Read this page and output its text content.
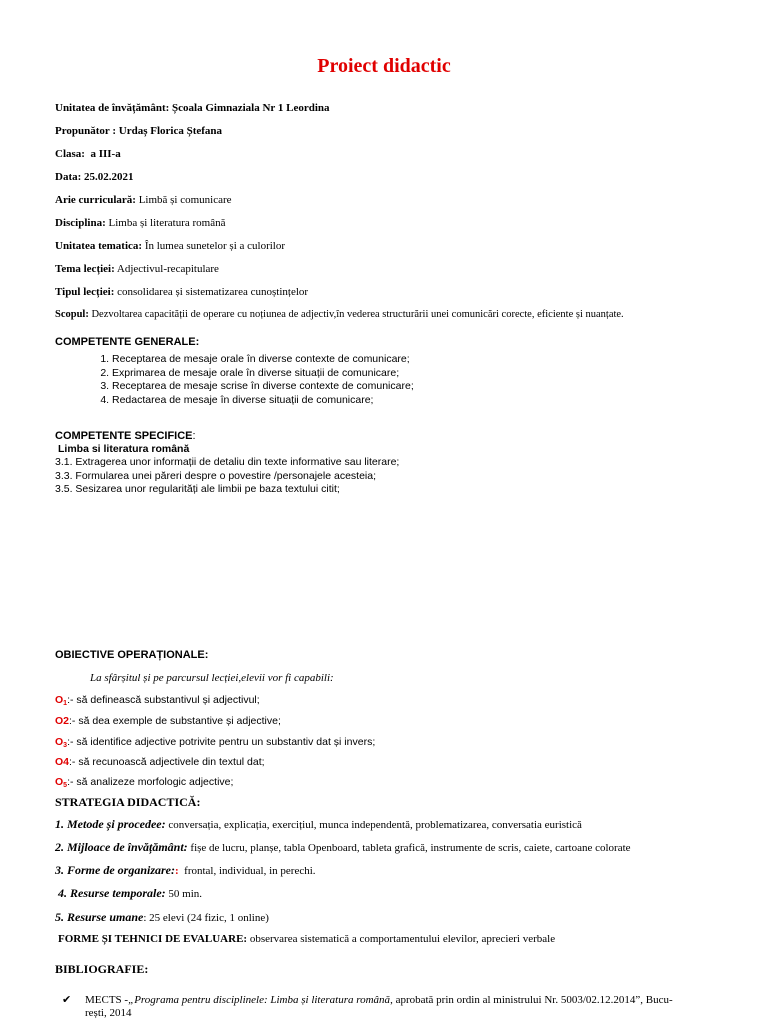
Proiect didactic
Unitatea de învățământ: Școala Gimnaziala Nr 1 Leordina
Propunător : Urdaș Florica Ștefana
Clasa: a III-a
Data: 25.02.2021
Arie curriculară: Limbă și comunicare
Disciplina: Limba și literatura română
Unitatea tematica: În lumea sunetelor și a culorilor
Tema lecției: Adjectivul-recapitulare
Tipul lecției: consolidarea și sistematizarea cunoștințelor
Scopul: Dezvoltarea capacității de operare cu noțiunea de adjectiv,în vederea structurării unei comunicări corecte, eficiente și nuanțate.
COMPETENTE GENERALE:
1. Receptarea de mesaje orale în diverse contexte de comunicare;
2. Exprimarea de mesaje orale în diverse situații de comunicare;
3. Receptarea de mesaje scrise în diverse contexte de comunicare;
4. Redactarea de mesaje în diverse situații de comunicare;
COMPETENTE SPECIFICE:
Limba si literatura română
3.1. Extragerea unor informații de detaliu din texte informative sau literare;
3.3. Formularea unei păreri despre o povestire /personajele acesteia;
3.5. Sesizarea unor regularități ale limbii pe baza textului citit;
OBIECTIVE OPERAȚIONALE:
La sfârșitul și pe parcursul lecției,elevii vor fi capabili:
$O_1:-$ să definească substantivul și adjectivul;
O2:- să dea exemple de substantive și adjective;
$O_3:-$ să identifice adjective potrivite pentru un substantiv dat și invers;
O4:- să recunoască adjectivele din textul dat;
$O_5:-$ să analizeze morfologic adjective;
STRATEGIA DIDACTICĂ:
1. Metode și procedee: conversația, explicația, exercițiul, munca independentă, problematizarea, conversatia euristică
2. Mijloace de învățământ: fișe de lucru, planșe, tabla Openboard, tableta grafică, instrumente de scris, caiete, cartoane colorate
3. Forme de organizare:: frontal, individual, in perechi.
4. Resurse temporale: 50 min.
5. Resurse umane: 25 elevi (24 fizic, 1 online)
FORME ȘI TEHNICI DE EVALUARE: observarea sistematică a comportamentului elevilor, aprecieri verbale
BIBLIOGRAFIE:
✔ MECTS -„Programa pentru disciplinele: Limba și literatura română, aprobată prin ordin al ministrului Nr. 5003/02.12.2014”, Bucu-
rești, 2014
